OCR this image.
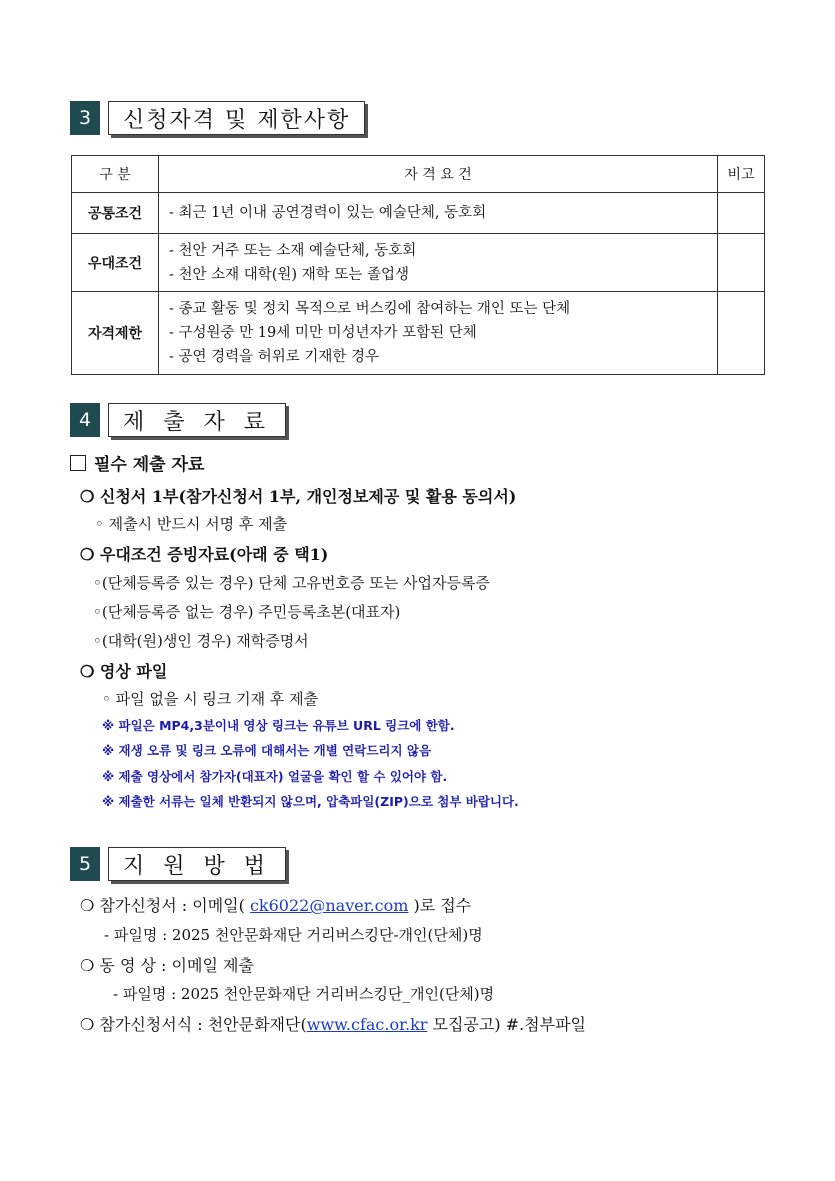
3	신청자격 및 제한사항
구 분	자 격 요 건	비고
공통조건	- 최근 1년 이내 공연경력이 있는 예술단체, 동호회	

우대조건	- 천안 거주 또는 소재 예술단체, 동호회
- 천안 소재 대학(원) 재학 또는 졸업생	

자격제한	- 종교 활동 및 정치 목적으로 버스킹에 참여하는 개인 또는 단체
- 구성원중 만 19세 미만 미성년자가 포함된 단체
- 공연 경력을 허위로 기재한 경우	

4	제 출 자 료
필수 제출 자료
❍ 신청서 1부(참가신청서 1부, 개인정보제공 및 활용 동의서)
◦ 제출시 반드시 서명 후 제출
❍ 우대조건 증빙자료(아래 중 택1)
◦(단체등록증 있는 경우) 단체 고유번호증 또는 사업자등록증
◦(단체등록증 없는 경우) 주민등록초본(대표자)
◦(대학(원)생인 경우) 재학증명서
❍ 영상 파일
◦ 파일 없을 시 링크 기재 후 제출
※ 파일은 MP4,3분이내 영상 링크는 유튜브 URL 링크에 한함.
※ 재생 오류 및 링크 오류에 대해서는 개별 연락드리지 않음
※ 제출 영상에서 참가자(대표자) 얼굴을 확인 할 수 있어야 함.
※ 제출한 서류는 일체 반환되지 않으며, 압축파일(ZIP)으로 첨부 바랍니다.
5	지 원 방 법
❍ 참가신청서 : 이메일( ck6022@naver.com )로 접수
- 파일명 : 2025 천안문화재단 거리버스킹단-개인(단체)명
❍ 동 영 상 : 이메일 제출
- 파일명 : 2025 천안문화재단 거리버스킹단_개인(단체)명
❍ 참가신청서식 : 천안문화재단(www.cfac.or.kr 모집공고) #.첨부파일
